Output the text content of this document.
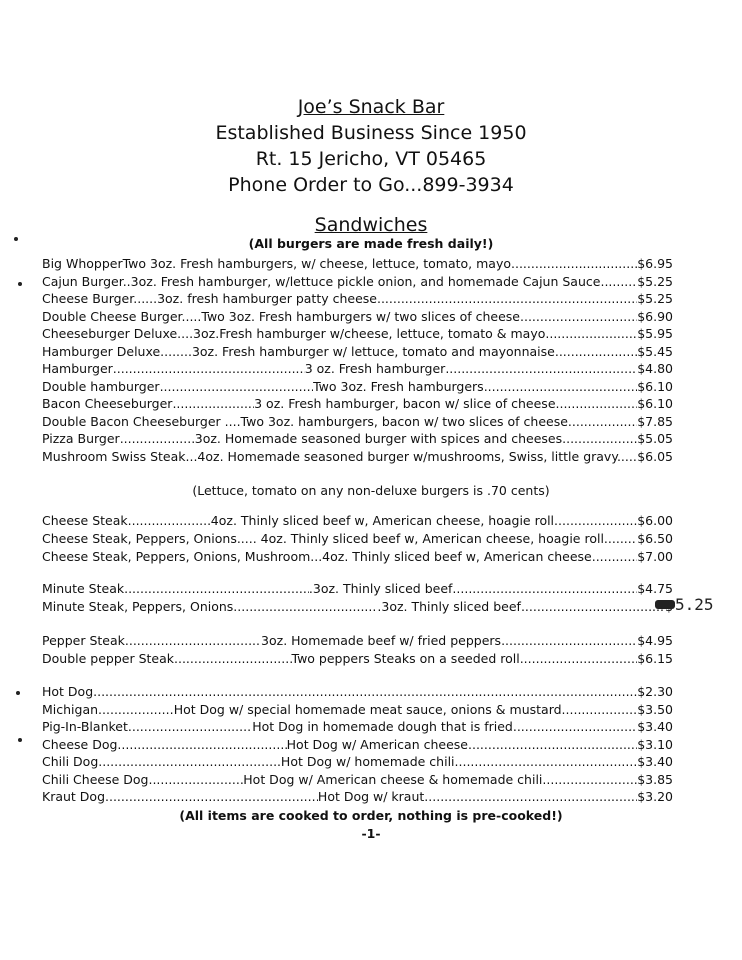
Joe’s Snack Bar

Established Business Since 1950

Rt. 15 Jericho, VT 05465

Phone Order to Go...899-3934

Sandwiches
(All burgers are made fresh daily!)
Big WhopperTwo 3oz. Fresh hamburgers, w/ cheese, lettuce, tomato, mayo .....	$6.95
Cajun Burger..3oz. Fresh hamburger, w/lettuce pickle onion, and homemade Cajun Sauce. .....	$5.25
Cheese Burger......3oz. fresh hamburger patty cheese .....	$5.25
Double Cheese Burger.....Two 3oz. Fresh hamburgers w/ two slices of cheese .....	$6.90
Cheeseburger Deluxe....3oz.Fresh hamburger w/cheese, lettuce, tomato & mayo .....	$5.95
Hamburger Deluxe........3oz. Fresh hamburger w/ lettuce, tomato and mayonnaise .....	$5.45
Hamburger .....	3 oz. Fresh hamburger .....	$4.80
Double hamburger .....	Two 3oz. Fresh hamburgers .....	$6.10
Bacon Cheeseburger .....	3 oz. Fresh hamburger, bacon w/ slice of cheese .....	$6.10
Double Bacon Cheeseburger ....Two 3oz. hamburgers, bacon w/ two slices of cheese. .....	$7.85
Pizza Burger .....	3oz. Homemade seasoned burger with spices and cheeses .....	$5.05
Mushroom Swiss Steak...4oz. Homemade seasoned burger w/mushrooms, Swiss, little gravy. ..... $6.05
(Lettuce, tomato on any non-deluxe burgers is .70 cents)
Cheese Steak .....	4oz. Thinly sliced beef w, American cheese, hoagie roll .....	$6.00
Cheese Steak, Peppers, Onions..... 4oz. Thinly sliced beef w, American cheese, hoagie roll.. ..... $6.50
Cheese Steak, Peppers, Onions, Mushroom...4oz. Thinly sliced beef w, American cheese .....	$7.00
Minute Steak .....	.3oz. Thinly sliced beef .....	$4.75
Minute Steak, Peppers, Onions .....	.3oz. Thinly sliced beef .....	5.25
Pepper Steak .....	3oz. Homemade beef w/ fried peppers .....	$4.95
Double pepper Steak .....	Two peppers Steaks on a seeded roll .....	$6.15
Hot Dog .....	$2.30
Michigan .....	Hot Dog w/ special homemade meat sauce, onions & mustard .....	$3.50
Pig-In-Blanket .....	Hot Dog in homemade dough that is fried .....	$3.40
Cheese Dog .....	Hot Dog w/ American cheese .....	$3.10
Chili Dog .....	Hot Dog w/ homemade chili .....	$3.40
Chili Cheese Dog .....	Hot Dog w/ American cheese & homemade chili .....	$3.85
Kraut Dog .....	Hot Dog w/ kraut .....	$3.20
(All items are cooked to order, nothing is pre-cooked!)
-1-
